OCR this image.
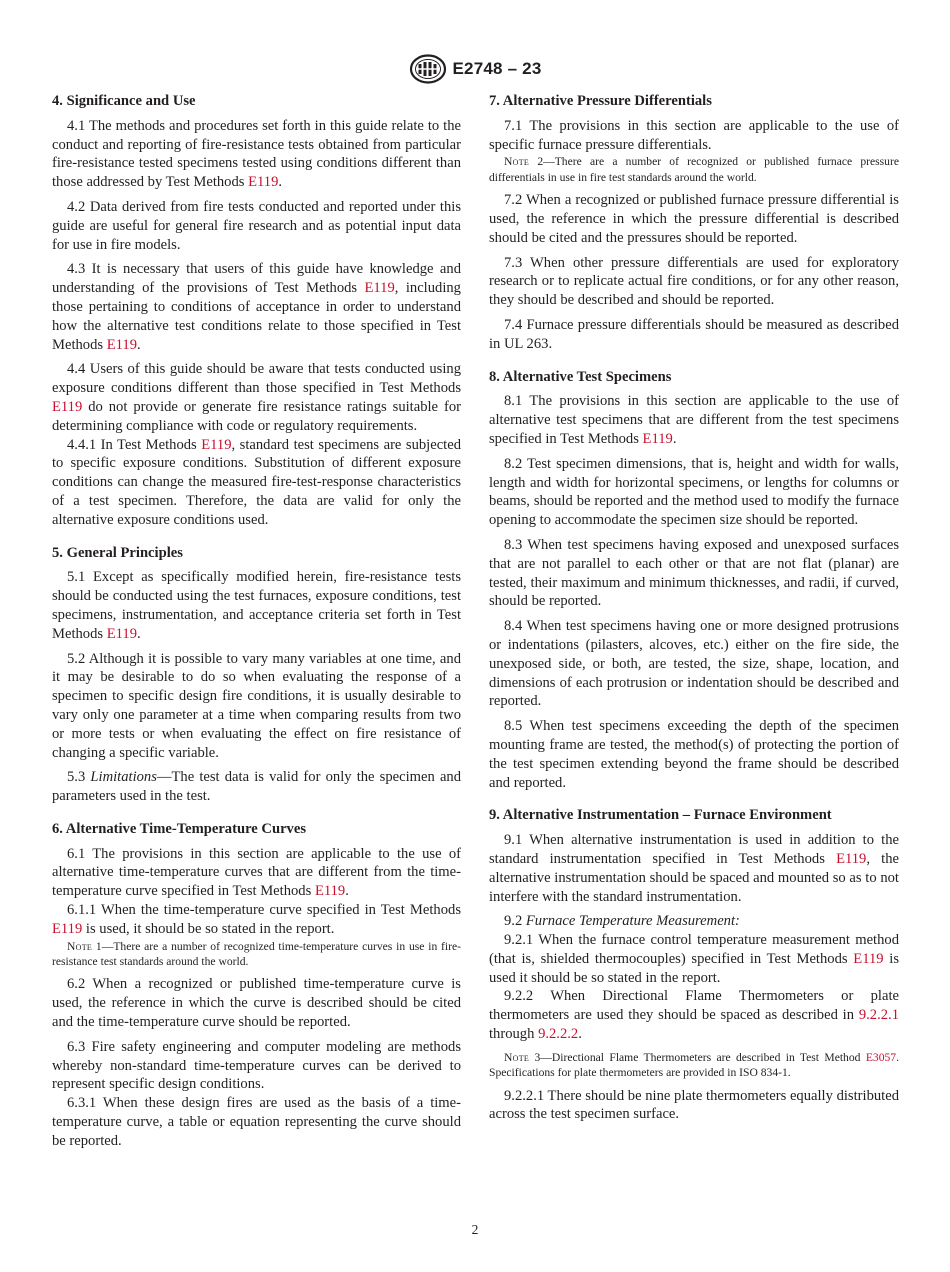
E2748 – 23
4. Significance and Use

4.1 The methods and procedures set forth in this guide relate to the conduct and reporting of fire-resistance tests obtained from particular fire-resistance tested specimens tested using conditions different than those addressed by Test Methods E119.

4.2 Data derived from fire tests conducted and reported under this guide are useful for general fire research and as potential input data for use in fire models.

4.3 It is necessary that users of this guide have knowledge and understanding of the provisions of Test Methods E119, including those pertaining to conditions of acceptance in order to understand how the alternative test conditions relate to those specified in Test Methods E119.

4.4 Users of this guide should be aware that tests conducted using exposure conditions different than those specified in Test Methods E119 do not provide or generate fire resistance ratings suitable for determining compliance with code or regulatory requirements.

4.4.1 In Test Methods E119, standard test specimens are subjected to specific exposure conditions. Substitution of different exposure conditions can change the measured fire-test-response characteristics of a test specimen. Therefore, the data are valid for only the alternative exposure conditions used.

5. General Principles

5.1 Except as specifically modified herein, fire-resistance tests should be conducted using the test furnaces, exposure conditions, test specimens, instrumentation, and acceptance criteria set forth in Test Methods E119.

5.2 Although it is possible to vary many variables at one time, and it may be desirable to do so when evaluating the response of a specimen to specific design fire conditions, it is usually desirable to vary only one parameter at a time when comparing results from two or more tests or when evaluating the effect on fire resistance of changing a specific variable.

5.3 Limitations—The test data is valid for only the specimen and parameters used in the test.

6. Alternative Time-Temperature Curves

6.1 The provisions in this section are applicable to the use of alternative time-temperature curves that are different from the time-temperature curve specified in Test Methods E119.

6.1.1 When the time-temperature curve specified in Test Methods E119 is used, it should be so stated in the report.

Note 1—There are a number of recognized time-temperature curves in use in fire-resistance test standards around the world.

6.2 When a recognized or published time-temperature curve is used, the reference in which the curve is described should be cited and the time-temperature curve should be reported.

6.3 Fire safety engineering and computer modeling are methods whereby non-standard time-temperature curves can be derived to represent specific design conditions.

6.3.1 When these design fires are used as the basis of a time-temperature curve, a table or equation representing the curve should be reported.

7. Alternative Pressure Differentials

7.1 The provisions in this section are applicable to the use of specific furnace pressure differentials.

Note 2—There are a number of recognized or published furnace pressure differentials in use in fire test standards around the world.

7.2 When a recognized or published furnace pressure differential is used, the reference in which the pressure differential is described should be cited and the pressures should be reported.

7.3 When other pressure differentials are used for exploratory research or to replicate actual fire conditions, or for any other reason, they should be described and should be reported.

7.4 Furnace pressure differentials should be measured as described in UL 263.

8. Alternative Test Specimens

8.1 The provisions in this section are applicable to the use of alternative test specimens that are different from the test specimens specified in Test Methods E119.

8.2 Test specimen dimensions, that is, height and width for walls, length and width for horizontal specimens, or lengths for columns or beams, should be reported and the method used to modify the furnace opening to accommodate the specimen size should be reported.

8.3 When test specimens having exposed and unexposed surfaces that are not parallel to each other or that are not flat (planar) are tested, their maximum and minimum thicknesses, and radii, if curved, should be reported.

8.4 When test specimens having one or more designed protrusions or indentations (pilasters, alcoves, etc.) either on the fire side, the unexposed side, or both, are tested, the size, shape, location, and dimensions of each protrusion or indentation should be described and reported.

8.5 When test specimens exceeding the depth of the specimen mounting frame are tested, the method(s) of protecting the portion of the test specimen extending beyond the frame should be described and reported.

9. Alternative Instrumentation – Furnace Environment

9.1 When alternative instrumentation is used in addition to the standard instrumentation specified in Test Methods E119, the alternative instrumentation should be spaced and mounted so as to not interfere with the standard instrumentation.

9.2 Furnace Temperature Measurement:

9.2.1 When the furnace control temperature measurement method (that is, shielded thermocouples) specified in Test Methods E119 is used it should be so stated in the report.

9.2.2 When Directional Flame Thermometers or plate thermometers are used they should be spaced as described in 9.2.2.1 through 9.2.2.2.

Note 3—Directional Flame Thermometers are described in Test Method E3057. Specifications for plate thermometers are provided in ISO 834-1.

9.2.2.1 There should be nine plate thermometers equally distributed across the test specimen surface.

2
